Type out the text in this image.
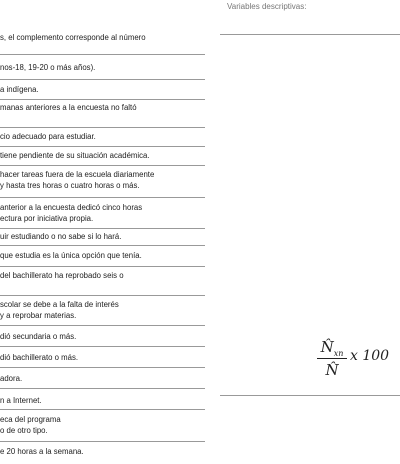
s, el complemento corresponde al número
nos-18, 19-20 o más años).
a indígena.
manas anteriores a la encuesta no faltó
cio adecuado para estudiar.
tiene pendiente de su situación académica.
hacer tareas fuera de la escuela diariamente
y hasta tres horas o cuatro horas o más.
anterior a la encuesta dedicó cinco horas
ectura por iniciativa propia.
uir estudiando o no sabe si lo hará.
que estudia es la única opción que tenía.
del bachillerato ha reprobado seis o
scolar se debe a la falta de interés
y a reprobar materias.
dió secundaria o más.
dió bachillerato o más.
adora.
n a Internet.
eca del programa
o de otro tipo.
e 20 horas a la semana.
Variables descriptivas:
$N̂_{xn}$
N̂
x 100
